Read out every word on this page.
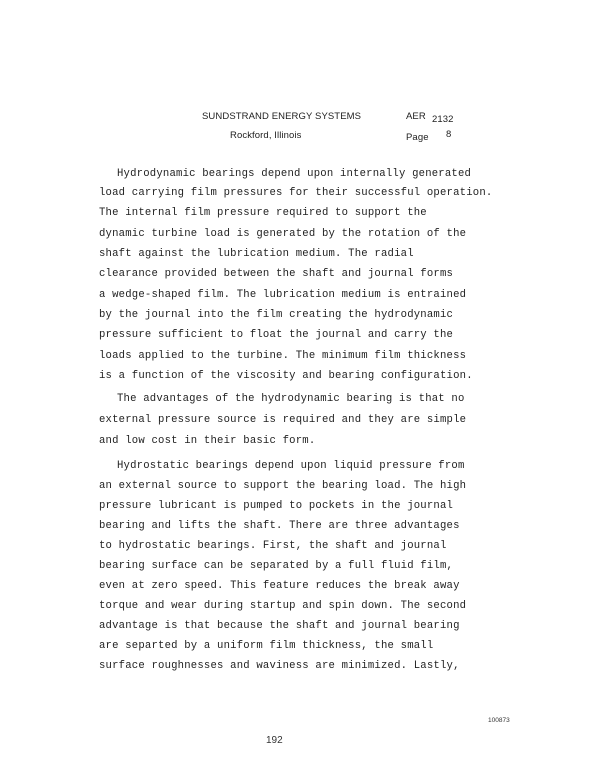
SUNDSTRAND ENERGY SYSTEMS	AER 2132
Rockford, Illinois	Page 8
Hydrodynamic bearings depend upon internally generated
load carrying film pressures for their successful operation.
The internal film pressure required to support the
dynamic turbine load is generated by the rotation of the
shaft against the lubrication medium. The radial
clearance provided between the shaft and journal forms
a wedge-shaped film. The lubrication medium is entrained
by the journal into the film creating the hydrodynamic
pressure sufficient to float the journal and carry the
loads applied to the turbine. The minimum film thickness
is a function of the viscosity and bearing configuration.
The advantages of the hydrodynamic bearing is that no
external pressure source is required and they are simple
and low cost in their basic form.
Hydrostatic bearings depend upon liquid pressure from
an external source to support the bearing load. The high
pressure lubricant is pumped to pockets in the journal
bearing and lifts the shaft. There are three advantages
to hydrostatic bearings. First, the shaft and journal
bearing surface can be separated by a full fluid film,
even at zero speed. This feature reduces the break away
torque and wear during startup and spin down. The second
advantage is that because the shaft and journal bearing
are separted by a uniform film thickness, the small
surface roughnesses and waviness are minimized. Lastly,
100873
192
